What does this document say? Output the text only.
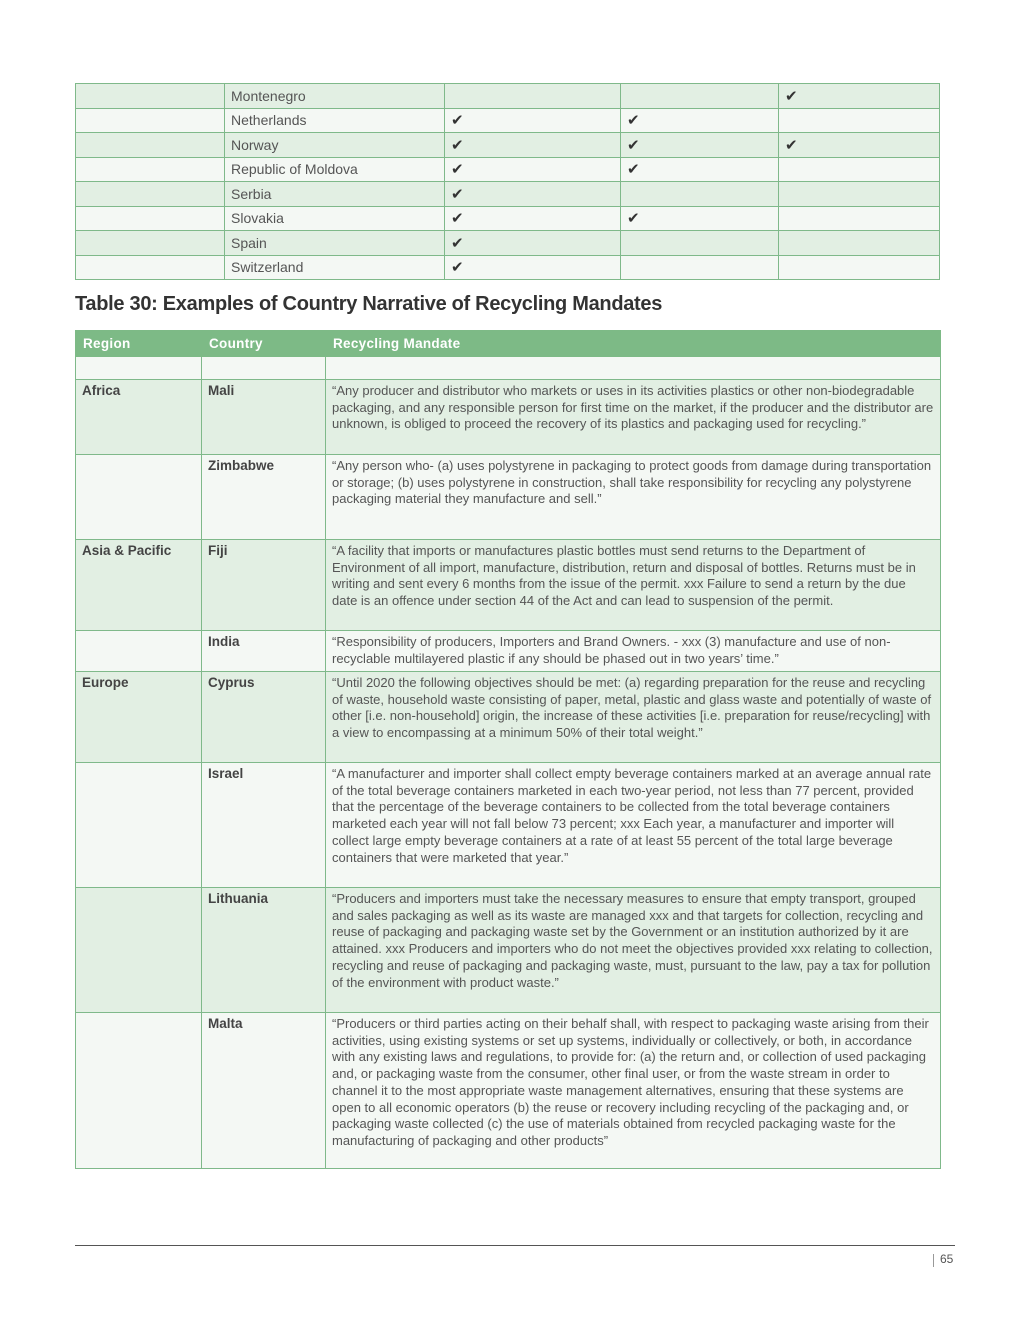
	Montenegro			✔
	Netherlands	✔	✔	
	Norway	✔	✔	✔
	Republic of Moldova	✔	✔	
	Serbia	✔		
	Slovakia	✔	✔	
	Spain	✔		
	Switzerland	✔		
Table 30: Examples of Country Narrative of Recycling Mandates
Region	Country	Recycling Mandate

Africa	Mali	“Any producer and distributor who markets or uses in its activities plastics or other non-biodegradable packaging, and any responsible person for first time on the market, if the producer and the distributor are unknown, is obliged to proceed the recovery of its plastics and packaging used for recycling.”
	Zimbabwe	“Any person who- (a) uses polystyrene in packaging to protect goods from damage during transportation or storage; (b) uses polystyrene in construction, shall take responsibility for recycling any polystyrene packaging material they manufacture and sell.”
Asia & Pacific	Fiji	“A facility that imports or manufactures plastic bottles must send returns to the Department of Environment of all import, manufacture, distribution, return and disposal of bottles. Returns must be in writing and sent every 6 months from the issue of the permit. xxx Failure to send a return by the due date is an offence under section 44 of the Act and can lead to suspension of the permit.
	India	“Responsibility of producers, Importers and Brand Owners. - xxx (3) manufacture and use of non-recyclable multilayered plastic if any should be phased out in two years’ time.”
Europe	Cyprus	“Until 2020 the following objectives should be met: (a) regarding preparation for the reuse and recycling of waste, household waste consisting of paper, metal, plastic and glass waste and potentially of waste of other [i.e. non-household] origin, the increase of these activities [i.e. preparation for reuse/recycling] with a view to encompassing at a minimum 50% of their total weight.”
	Israel	“A manufacturer and importer shall collect empty beverage containers marked at an average annual rate of the total beverage containers marketed in each two-year period, not less than 77 percent, provided that the percentage of the beverage containers to be collected from the total beverage containers marketed each year will not fall below 73 percent; xxx Each year, a manufacturer and importer will collect large empty beverage containers at a rate of at least 55 percent of the total large beverage containers that were marketed that year.”
	Lithuania	“Producers and importers must take the necessary measures to ensure that empty transport, grouped and sales packaging as well as its waste are managed xxx and that targets for collection, recycling and reuse of packaging and packaging waste set by the Government or an institution authorized by it are attained. xxx Producers and importers who do not meet the objectives provided xxx relating to collection, recycling and reuse of packaging and packaging waste, must, pursuant to the law, pay a tax for pollution of the environment with product waste.”
	Malta	“Producers or third parties acting on their behalf shall, with respect to packaging waste arising from their activities, using existing systems or set up systems, individually or collectively, or both, in accordance with any existing laws and regulations, to provide for: (a) the return and, or collection of used packaging and, or packaging waste from the consumer, other final user, or from the waste stream in order to channel it to the most appropriate waste management alternatives, ensuring that these systems are open to all economic operators (b) the reuse or recovery including recycling of the packaging and, or packaging waste collected (c) the use of materials obtained from recycled packaging waste for the manufacturing of packaging and other products”
65
